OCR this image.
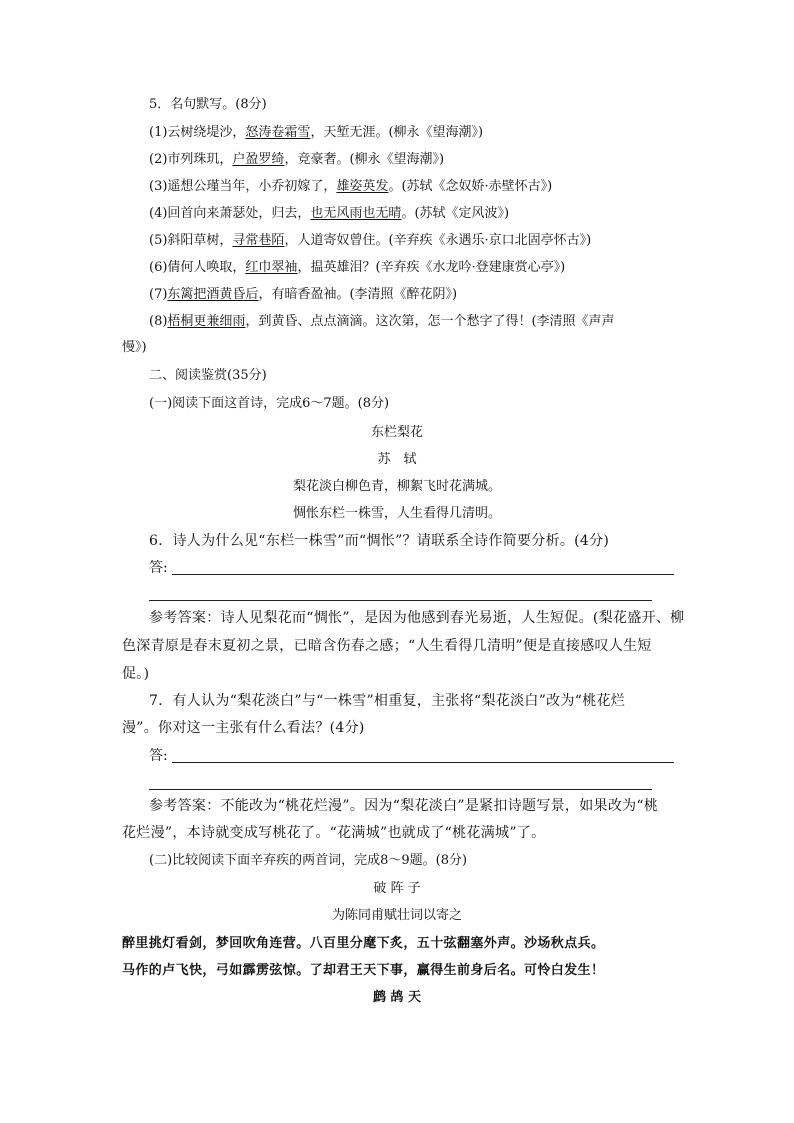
5．名句默写。(8分)
(1)云树绕堤沙，怒涛卷霜雪，天堑无涯。(柳永《望海潮》)
(2)市列珠玑，户盈罗绮，竞豪奢。(柳永《望海潮》)
(3)遥想公瑾当年，小乔初嫁了，雄姿英发。(苏轼《念奴娇·赤壁怀古》)
(4)回首向来萧瑟处，归去，也无风雨也无晴。(苏轼《定风波》)
(5)斜阳草树，寻常巷陌，人道寄奴曾住。(辛弃疾《永遇乐·京口北固亭怀古》)
(6)倩何人唤取，红巾翠袖，揾英雄泪？(辛弃疾《水龙吟·登建康赏心亭》)
(7)东篱把酒黄昏后，有暗香盈袖。(李清照《醉花阴》)
(8)梧桐更兼细雨，到黄昏、点点滴滴。这次第，怎一个愁字了得！(李清照《声声
慢》)
二、阅读鉴赏(35分)
(一)阅读下面这首诗，完成6～7题。(8分)
东栏梨花
苏　轼
梨花淡白柳色青，柳絮飞时花满城。
惆怅东栏一株雪，人生看得几清明。
6．诗人为什么见“东栏一株雪”而“惆怅”？请联系全诗作简要分析。(4分)
答:
参考答案：诗人见梨花而“惆怅”，是因为他感到春光易逝，人生短促。(梨花盛开、柳
色深青原是春末夏初之景，已暗含伤春之感；“人生看得几清明”便是直接感叹人生短
促。)
7．有人认为“梨花淡白”与“一株雪”相重复，主张将“梨花淡白”改为“桃花烂
漫”。你对这一主张有什么看法？(4分)
答:
参考答案：不能改为“桃花烂漫”。因为“梨花淡白”是紧扣诗题写景，如果改为“桃
花烂漫”，本诗就变成写桃花了。“花满城”也就成了“桃花满城”了。
(二)比较阅读下面辛弃疾的两首词，完成8～9题。(8分)
破 阵 子
为陈同甫赋壮词以寄之
醉里挑灯看剑，梦回吹角连营。八百里分麾下炙，五十弦翻塞外声。沙场秋点兵。
马作的卢飞快，弓如霹雳弦惊。了却君王天下事，赢得生前身后名。可怜白发生！
鹧 鸪 天
